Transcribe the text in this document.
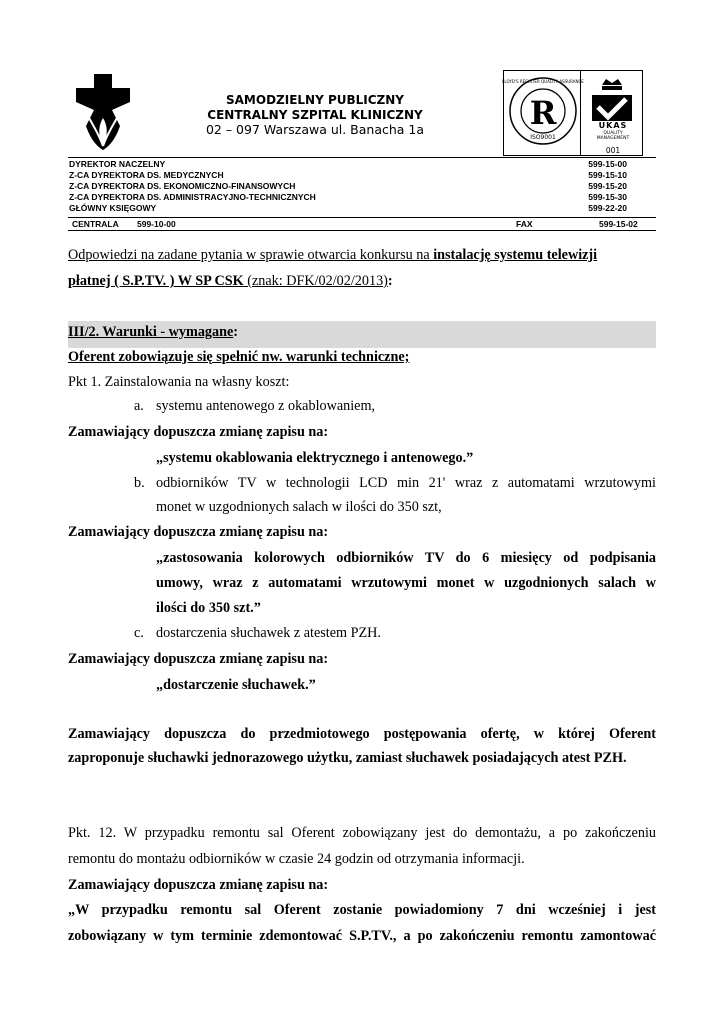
SAMODZIELNY PUBLICZNY
CENTRALNY SZPITAL KLINICZNY
02 – 097 Warszawa ul. Banacha 1a	R
ISO9001
LLOYD'S REGISTER QUALITY ASSURANCE
UKAS
QUALITY
MANAGEMENT
001
DYREKTOR NACZELNY	599-15-00
Z-CA DYREKTORA DS. MEDYCZNYCH	599-15-10
Z-CA DYREKTORA DS. EKONOMICZNO-FINANSOWYCH	599-15-20
Z-CA DYREKTORA DS. ADMINISTRACYJNO-TECHNICZNYCH	599-15-30
GŁÓWNY KSIĘGOWY	599-22-20
CENTRALA 599-10-00	FAX	599-15-02
Odpowiedzi na zadane pytania w sprawie otwarcia konkursu na instalację systemu telewizji
płatnej ( S.P.TV. ) W SP CSK (znak: DFK/02/02/2013):
III/2. Warunki - wymagane:
Oferent zobowiązuje się spełnić nw. warunki techniczne;
Pkt 1. Zainstalowania na własny koszt:
a. systemu antenowego z okablowaniem,
Zamawiający dopuszcza zmianę zapisu na:
„systemu okablowania elektrycznego i antenowego.”
b. odbiorników TV w technologii LCD min 21' wraz z automatami wrzutowymi
monet w uzgodnionych salach w ilości do 350 szt,
Zamawiający dopuszcza zmianę zapisu na:
„zastosowania kolorowych odbiorników TV do 6 miesięcy od podpisania
umowy, wraz z automatami wrzutowymi monet w uzgodnionych salach w
ilości do 350 szt.”
c. dostarczenia słuchawek z atestem PZH.
Zamawiający dopuszcza zmianę zapisu na:
„dostarczenie słuchawek.”
Zamawiający dopuszcza do przedmiotowego postępowania ofertę, w której Oferent
zaproponuje słuchawki jednorazowego użytku, zamiast słuchawek posiadających atest PZH.
Pkt. 12. W przypadku remontu sal Oferent zobowiązany jest do demontażu, a po zakończeniu
remontu do montażu odbiorników w czasie 24 godzin od otrzymania informacji.
Zamawiający dopuszcza zmianę zapisu na:
„W przypadku remontu sal Oferent zostanie powiadomiony 7 dni wcześniej i jest
zobowiązany w tym terminie zdemontować S.P.TV., a po zakończeniu remontu zamontować
